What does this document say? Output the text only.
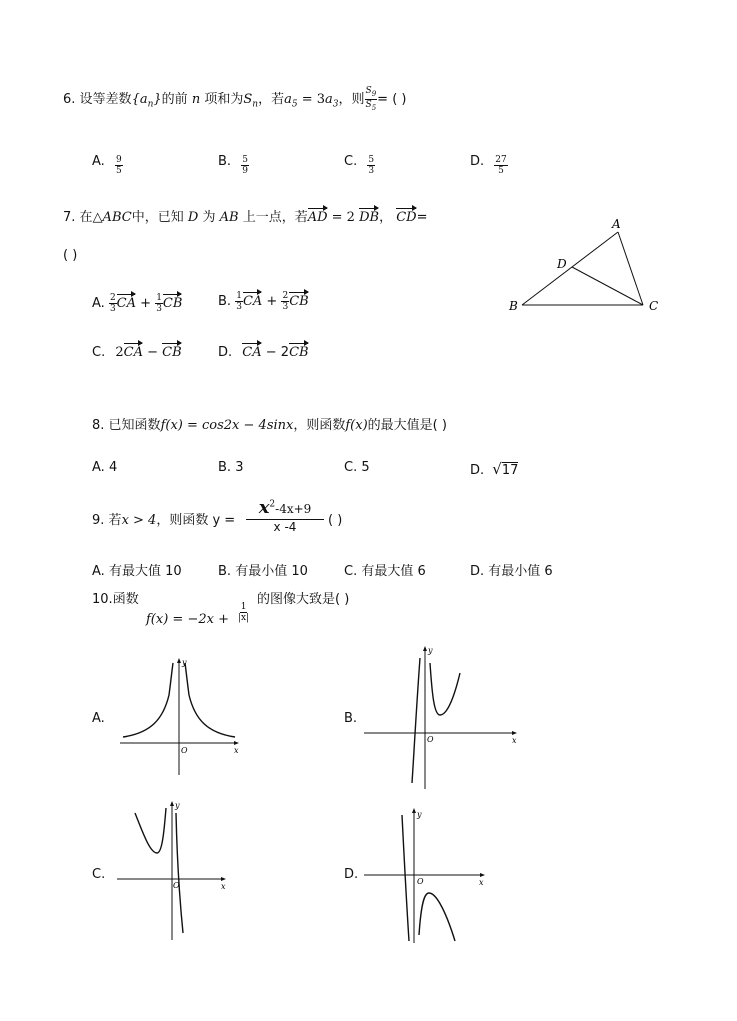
6. 设等差数$\{a_n\}$的前 n 项和为$S_n$，若$a_5 = 3a_3$，则 $\frac{S_9}{S_5}$ = ( )
A. $\frac{9}{5}$	B. $\frac{5}{9}$	C. $\frac{5}{3}$	D. $\frac{27}{5}$
7. 在△ABC中，已知 D 为 AB 上一点，若AD = 2 DB， CD=
( )
A. $\frac{2}{3}$ CA + $\frac{1}{3}$ CB	B. $\frac{1}{3}$ CA + $\frac{2}{3}$ CB
C. 2CA − CB	D. CA − 2CB
A
B	C
D
8. 已知函数f(x) = cos2x − 4sinx，则函数f(x)的最大值是( )
A. 4	B. 3	C. 5	D. √17
9. 若x > 4，则函数 y =
$x^2-4x+9$
x -4	( )
A. 有最大值 10	B. 有最小值 10	C. 有最大值 6	D. 有最小值 6
10.函数
$f(x) = -2x + \frac{1}{|x|}$
的图像大致是( )
A.
y
x
O
B.
y
x
O
C.
y
x
O
D.
y
x
O
